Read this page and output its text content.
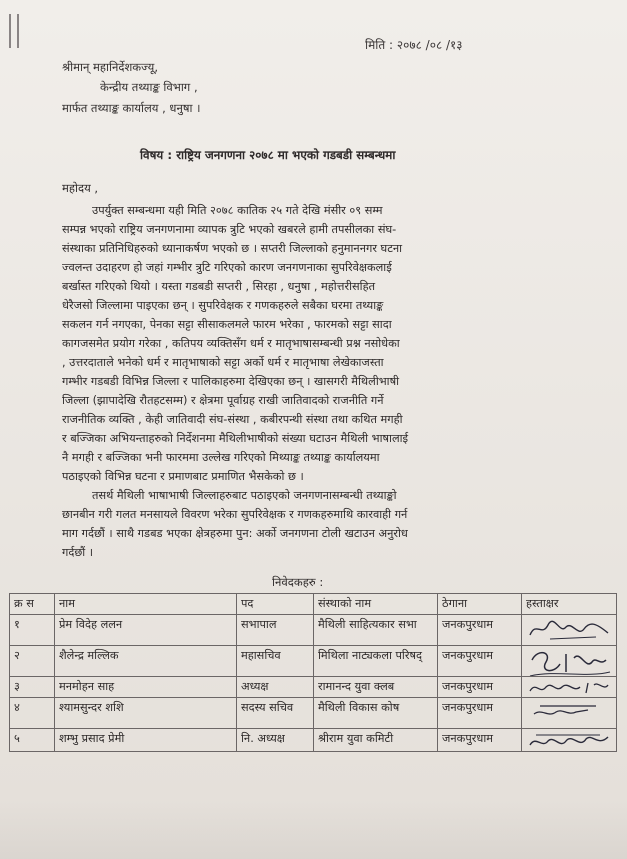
मिति : २०७८ /०८ /१३
श्रीमान् महानिर्देशकज्यू,
केन्द्रीय तथ्याङ्क विभाग ,
मार्फत तथ्याङ्क कार्यालय , धनुषा ।
विषय : राष्ट्रिय जनगणना २०७८ मा भएको गडबडी सम्बन्धमा
महोदय ,
उपर्युक्त सम्बन्धमा यही मिति २०७८ कातिक २५ गते देखि मंसीर ०९ सम्म
सम्पन्न भएको राष्ट्रिय जनगणनामा व्यापक त्रुटि भएको खबरले हामी तपसीलका संघ-
संस्थाका प्रतिनिधिहरुको ध्यानाकर्षण भएको छ । सप्तरी जिल्लाको हनुमाननगर घटना
ज्वलन्त उदाहरण हो जहां गम्भीर त्रुटि गरिएको कारण जनगणनाका सुपरिवेक्षकलाई
बर्खास्त गरिएको थियो । यस्ता गडबडी सप्तरी , सिरहा , धनुषा , महोत्तरीसहित
धेरैजसो जिल्लामा पाइएका छन् । सुपरिवेक्षक र गणकहरुले सबैका घरमा तथ्याङ्क
सकलन गर्न नगएका, पेनका सट्टा सीसाकलमले फारम भरेका , फारमको सट्टा सादा
कागजसमेत प्रयोग गरेका , कतिपय व्यक्तिसँग धर्म र मातृभाषासम्बन्धी प्रश्न नसोधेका
, उत्तरदाताले भनेको धर्म र मातृभाषाको सट्टा अर्को धर्म र मातृभाषा लेखेकाजस्ता
गम्भीर गडबडी विभिन्न जिल्ला र पालिकाहरुमा देखिएका छन् । खासगरी मैथिलीभाषी
जिल्ला (झापादेखि रौतहटसम्म) र क्षेत्रमा पूर्वाग्रह राखी जातिवादको राजनीति गर्ने
राजनीतिक व्यक्ति , केही जातिवादी संघ-संस्था , कबीरपन्थी संस्था तथा कथित मगही
र बज्जिका अभियन्ताहरुको निर्देशनमा मैथिलीभाषीको संख्या घटाउन मैथिली भाषालाई
नै मगही र बज्जिका भनी फारममा उल्लेख गरिएको मिथ्याङ्क तथ्याङ्क कार्यालयमा
पठाइएको विभिन्न घटना र प्रमाणबाट प्रमाणित भैसकेको छ ।
तसर्थ मैथिली भाषाभाषी जिल्लाहरुबाट पठाइएको जनगणनासम्बन्धी तथ्याङ्को
छानबीन गरी गलत मनसायले विवरण भरेका सुपरिवेक्षक र गणकहरुमाथि कारवाही गर्न
माग गर्दछौं । साथै गडबड भएका क्षेत्रहरुमा पुन: अर्को जनगणना टोली खटाउन अनुरोध
गर्दछौं ।
निवेदकहरु :
क्र स	नाम	पद	संस्थाको नाम	ठेगाना	हस्ताक्षर
१	प्रेम विदेह ललन	सभापाल	मैथिली साहित्यकार सभा	जनकपुरधाम	

२	शैलेन्द्र मल्लिक	महासचिव	मिथिला नाट्यकला परिषद्	जनकपुरधाम	

३	मनमोहन साह	अध्यक्ष	रामानन्द युवा क्लब	जनकपुरधाम	

४	श्यामसुन्दर शशि	सदस्य सचिव	मैथिली विकास कोष	जनकपुरधाम	

५	शम्भु प्रसाद प्रेमी	नि. अध्यक्ष	श्रीराम युवा कमिटी	जनकपुरधाम	
